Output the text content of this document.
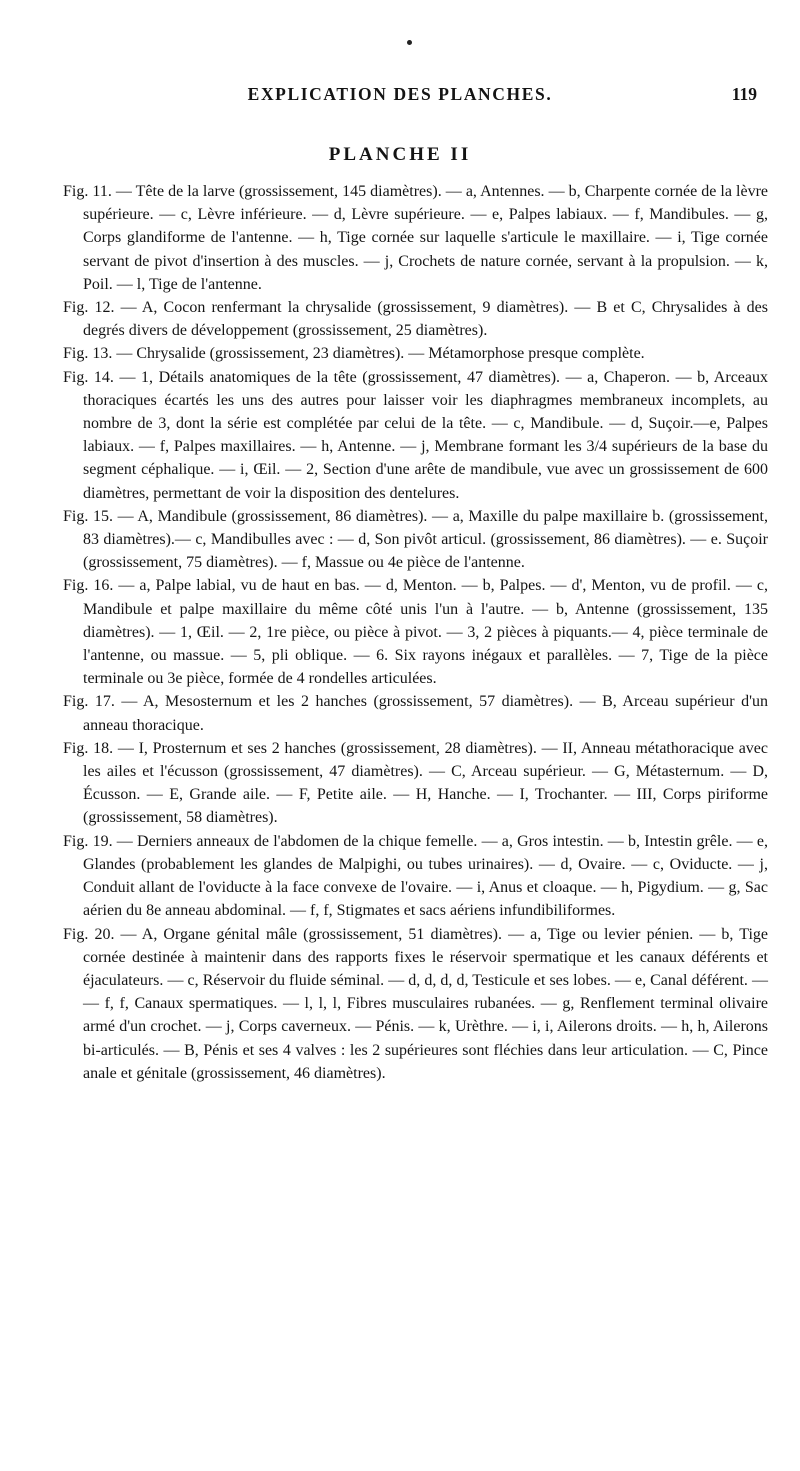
EXPLICATION DES PLANCHES.	119
PLANCHE II

Fig. 11. — Tête de la larve (grossissement, 145 diamètres). — a, Antennes. — b, Charpente cornée de la lèvre supérieure. — c, Lèvre inférieure. — d, Lèvre supérieure. — e, Palpes labiaux. — f, Mandibules. — g, Corps glandiforme de l'antenne. — h, Tige cornée sur laquelle s'articule le maxillaire. — i, Tige cornée servant de pivot d'insertion à des muscles. — j, Crochets de nature cornée, servant à la propulsion. — k, Poil. — l, Tige de l'antenne.

Fig. 12. — A, Cocon renfermant la chrysalide (grossissement, 9 diamètres). — B et C, Chrysalides à des degrés divers de développement (grossissement, 25 diamètres).

Fig. 13. — Chrysalide (grossissement, 23 diamètres). — Métamorphose presque complète.

Fig. 14. — 1, Détails anatomiques de la tête (grossissement, 47 diamètres). — a, Chaperon. — b, Arceaux thoraciques écartés les uns des autres pour laisser voir les diaphragmes membraneux incomplets, au nombre de 3, dont la série est complétée par celui de la tête. — c, Mandibule. — d, Suçoir.—e, Palpes labiaux. — f, Palpes maxillaires. — h, Antenne. — j, Membrane formant les 3/4 supérieurs de la base du segment céphalique. — i, Œil. — 2, Section d'une arête de mandibule, vue avec un grossissement de 600 diamètres, permettant de voir la disposition des dentelures.

Fig. 15. — A, Mandibule (grossissement, 86 diamètres). — a, Maxille du palpe maxillaire b. (grossissement, 83 diamètres).— c, Mandibulles avec : — d, Son pivôt articul. (grossissement, 86 diamètres). — e. Suçoir (grossissement, 75 diamètres). — f, Massue ou 4e pièce de l'antenne.

Fig. 16. — a, Palpe labial, vu de haut en bas. — d, Menton. — b, Palpes. — d', Menton, vu de profil. — c, Mandibule et palpe maxillaire du même côté unis l'un à l'autre. — b, Antenne (grossissement, 135 diamètres). — 1, Œil. — 2, 1re pièce, ou pièce à pivot. — 3, 2 pièces à piquants.— 4, pièce terminale de l'antenne, ou massue. — 5, pli oblique. — 6. Six rayons inégaux et parallèles. — 7, Tige de la pièce terminale ou 3e pièce, formée de 4 rondelles articulées.

Fig. 17. — A, Mesosternum et les 2 hanches (grossissement, 57 diamètres). — B, Arceau supérieur d'un anneau thoracique.

Fig. 18. — I, Prosternum et ses 2 hanches (grossissement, 28 diamètres). — II, Anneau métathoracique avec les ailes et l'écusson (grossissement, 47 diamètres). — C, Arceau supérieur. — G, Métasternum. — D, Écusson. — E, Grande aile. — F, Petite aile. — H, Hanche. — I, Trochanter. — III, Corps piriforme (grossissement, 58 diamètres).

Fig. 19. — Derniers anneaux de l'abdomen de la chique femelle. — a, Gros intestin. — b, Intestin grêle. — e, Glandes (probablement les glandes de Malpighi, ou tubes urinaires). — d, Ovaire. — c, Oviducte. — j, Conduit allant de l'oviducte à la face convexe de l'ovaire. — i, Anus et cloaque. — h, Pigydium. — g, Sac aérien du 8e anneau abdominal. — f, f, Stigmates et sacs aériens infundibiliformes.

Fig. 20. — A, Organe génital mâle (grossissement, 51 diamètres). — a, Tige ou levier pénien. — b, Tige cornée destinée à maintenir dans des rapports fixes le réservoir spermatique et les canaux déférents et éjaculateurs. — c, Réservoir du fluide séminal. — d, d, d, d, Testicule et ses lobes. — e, Canal déférent. — — f, f, Canaux spermatiques. — l, l, l, Fibres musculaires rubanées. — g, Renflement terminal olivaire armé d'un crochet. — j, Corps caverneux. — Pénis. — k, Urèthre. — i, i, Ailerons droits. — h, h, Ailerons bi-articulés. — B, Pénis et ses 4 valves : les 2 supérieures sont fléchies dans leur articulation. — C, Pince anale et génitale (grossissement, 46 diamètres).
